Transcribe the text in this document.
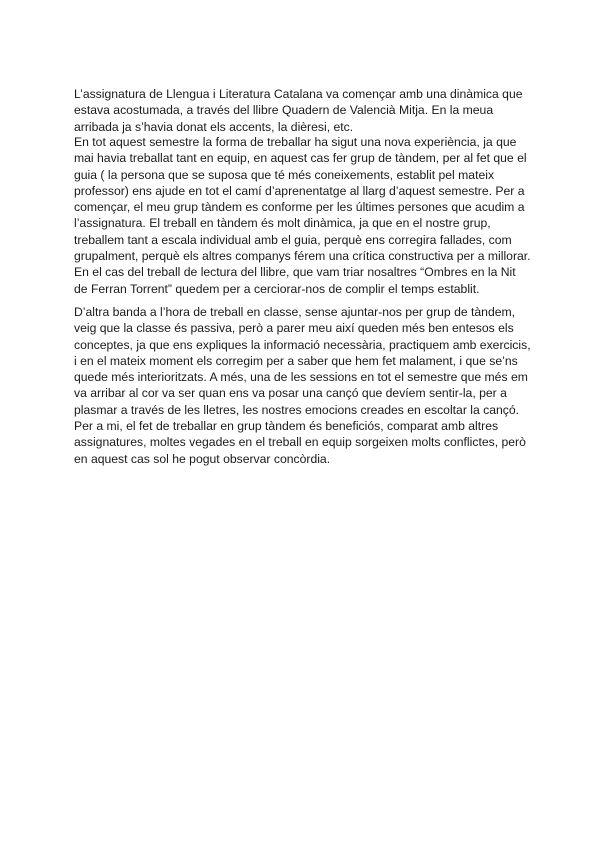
L’assignatura de Llengua i Literatura Catalana va començar amb una dinàmica que
estava acostumada, a través del llibre Quadern de Valencià Mitja. En la meua
arribada ja s’havia donat els accents, la dièresi, etc.
En tot aquest semestre la forma de treballar ha sigut una nova experiència, ja que
mai havia treballat tant en equip, en aquest cas fer grup de tàndem, per al fet que el
guia ( la persona que se suposa que té més coneixements, establit pel mateix
professor) ens ajude en tot el camí d’aprenentatge al llarg d’aquest semestre. Per a
començar, el meu grup tàndem es conforme per les últimes persones que acudim a
l’assignatura. El treball en tàndem és molt dinàmica, ja que en el nostre grup,
treballem tant a escala individual amb el guia, perquè ens corregira fallades, com
grupalment, perquè els altres companys férem una crítica constructiva per a millorar.
En el cas del treball de lectura del llibre, que vam triar nosaltres “Ombres en la Nit
de Ferran Torrent” quedem per a cerciorar-nos de complir el temps establit.
D’altra banda a l’hora de treball en classe, sense ajuntar-nos per grup de tàndem,
veig que la classe és passiva, però a parer meu així queden més ben entesos els
conceptes, ja que ens expliques la informació necessària, practiquem amb exercicis,
i en el mateix moment els corregim per a saber que hem fet malament, i que se’ns
quede més interioritzats. A més, una de les sessions en tot el semestre que més em
va arribar al cor va ser quan ens va posar una cançó que devíem sentir-la, per a
plasmar a través de les lletres, les nostres emocions creades en escoltar la cançó.
Per a mi, el fet de treballar en grup tàndem és beneficiós, comparat amb altres
assignatures, moltes vegades en el treball en equip sorgeixen molts conflictes, però
en aquest cas sol he pogut observar concòrdia.
